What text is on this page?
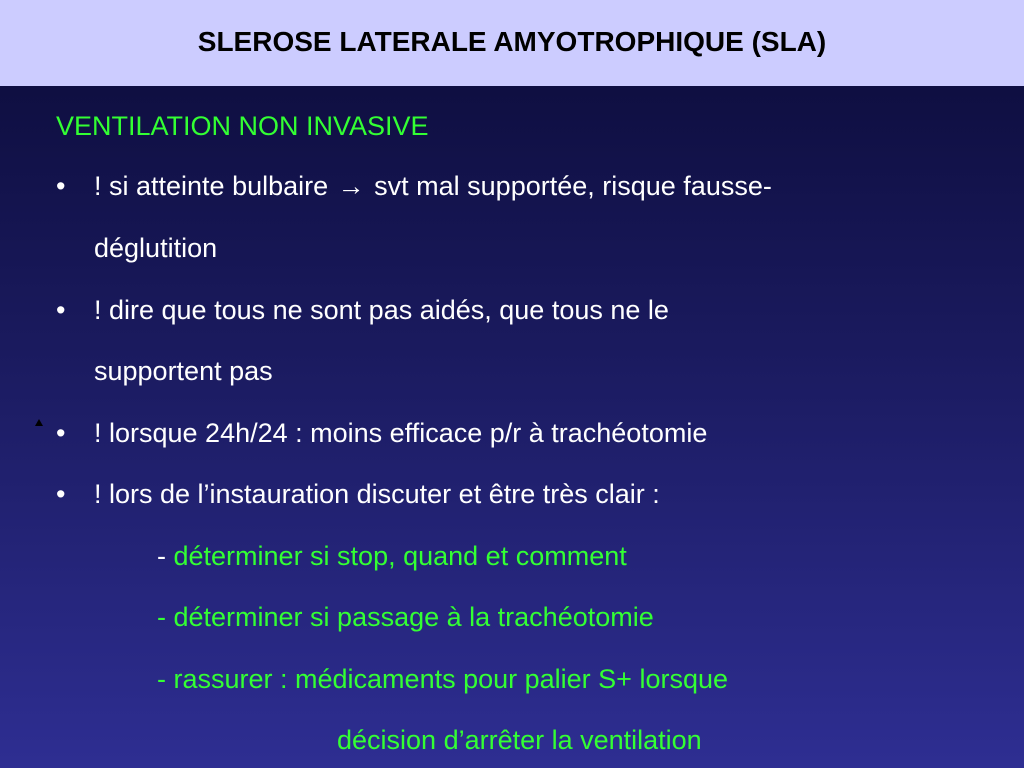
SLEROSE LATERALE AMYOTROPHIQUE (SLA)
VENTILATION NON INVASIVE
• ! si atteinte bulbaire → svt mal supportée, risque fausse-
déglutition
• ! dire que tous ne sont pas aidés, que tous ne le
supportent pas
• ! lorsque 24h/24 : moins efficace p/r à trachéotomie
• ! lors de l’instauration discuter et être très clair :
- déterminer si stop, quand et comment
- déterminer si passage à la trachéotomie
- rassurer : médicaments pour palier S+ lorsque
décision d’arrêter la ventilation
